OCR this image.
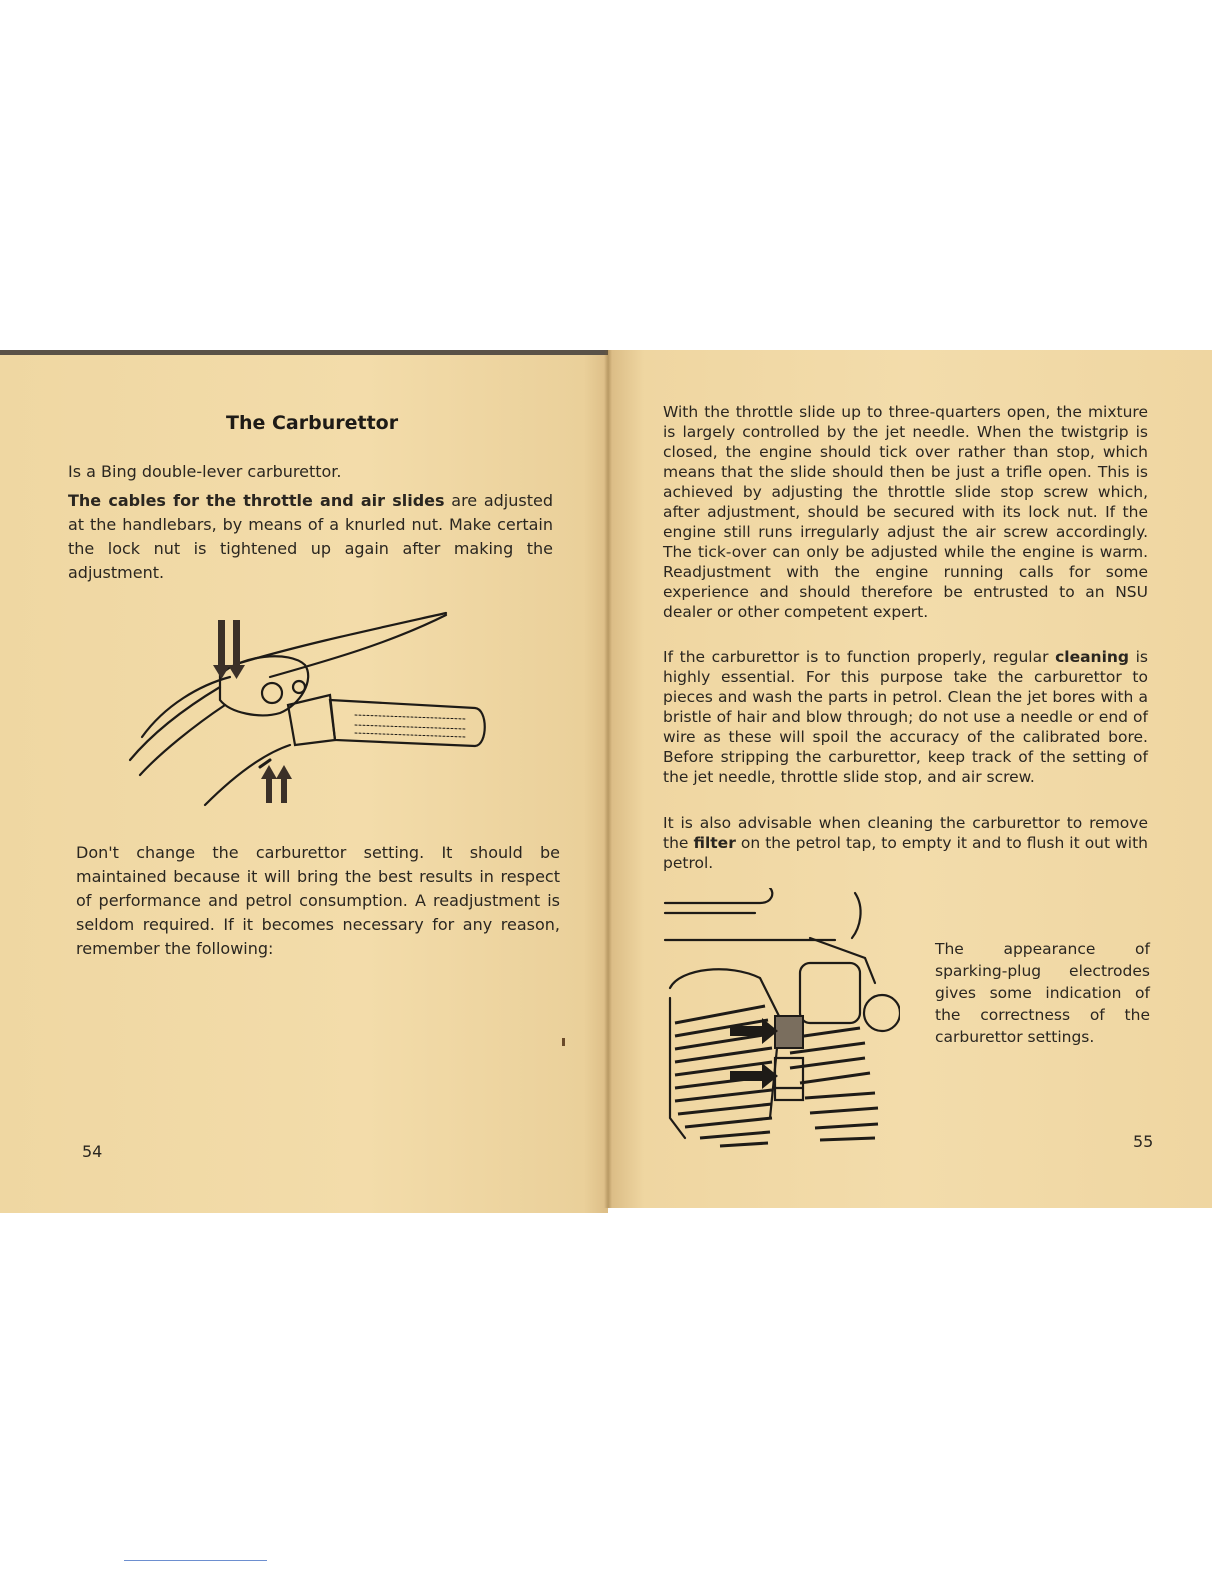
The Carburettor
Is a Bing double-lever carburettor.
The cables for the throttle and air slides are adjusted at the handlebars, by means of a knurled nut. Make certain the lock nut is tightened up again after making the adjustment.
Don't change the carburettor setting. It should be maintained because it will bring the best results in respect of performance and petrol consumption. A readjustment is seldom required. If it becomes necessary for any reason, remember the following:
54
With the throttle slide up to three-quarters open, the mixture is largely controlled by the jet needle. When the twistgrip is closed, the engine should tick over rather than stop, which means that the slide should then be just a trifle open. This is achieved by adjusting the throttle slide stop screw which, after adjustment, should be secured with its lock nut. If the engine still runs irregularly adjust the air screw accordingly. The tick-over can only be adjusted while the engine is warm. Readjustment with the engine running calls for some experience and should therefore be entrusted to an NSU dealer or other competent expert.
If the carburettor is to function properly, regular cleaning is highly essential. For this purpose take the carburettor to pieces and wash the parts in petrol. Clean the jet bores with a bristle of hair and blow through; do not use a needle or end of wire as these will spoil the accuracy of the calibrated bore. Before stripping the carburettor, keep track of the setting of the jet needle, throttle slide stop, and air screw.
It is also advisable when cleaning the carburettor to remove the filter on the petrol tap, to empty it and to flush it out with petrol.
The appearance of sparking-plug electrodes gives some indication of the correctness of the carburettor settings.
55
